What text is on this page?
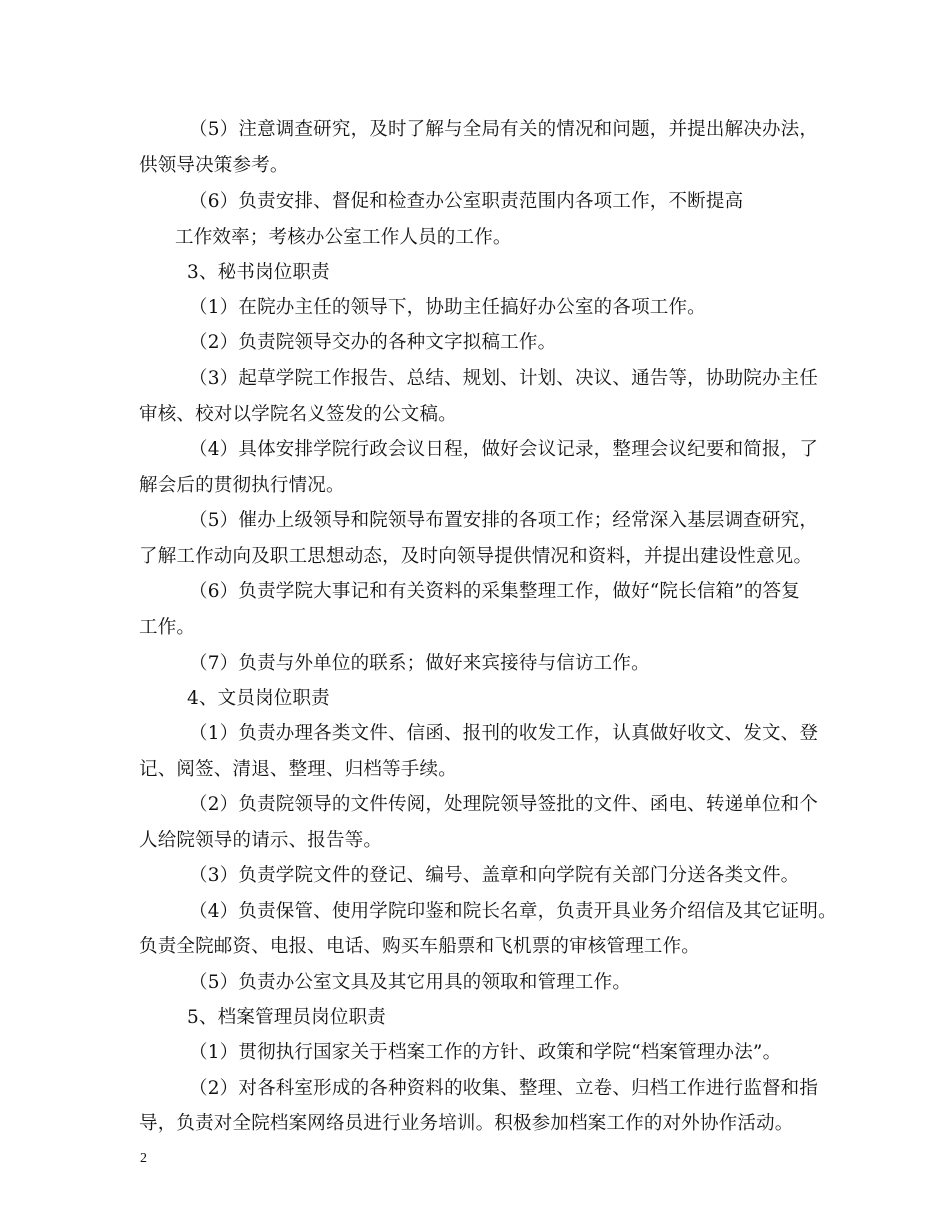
（5）注意调查研究，及时了解与全局有关的情况和问题，并提出解决办法，
供领导决策参考。
（6）负责安排、督促和检查办公室职责范围内各项工作，不断提高
工作效率；考核办公室工作人员的工作。
3、秘书岗位职责
（1）在院办主任的领导下，协助主任搞好办公室的各项工作。
（2）负责院领导交办的各种文字拟稿工作。
（3）起草学院工作报告、总结、规划、计划、决议、通告等，协助院办主任
审核、校对以学院名义签发的公文稿。
（4）具体安排学院行政会议日程，做好会议记录，整理会议纪要和简报，了
解会后的贯彻执行情况。
（5）催办上级领导和院领导布置安排的各项工作；经常深入基层调查研究，
了解工作动向及职工思想动态，及时向领导提供情况和资料，并提出建设性意见。
（6）负责学院大事记和有关资料的采集整理工作，做好“院长信箱”的答复
工作。
（7）负责与外单位的联系；做好来宾接待与信访工作。
4、文员岗位职责
（1）负责办理各类文件、信函、报刊的收发工作，认真做好收文、发文、登
记、阅签、清退、整理、归档等手续。
（2）负责院领导的文件传阅，处理院领导签批的文件、函电、转递单位和个
人给院领导的请示、报告等。
（3）负责学院文件的登记、编号、盖章和向学院有关部门分送各类文件。
（4）负责保管、使用学院印鉴和院长名章，负责开具业务介绍信及其它证明。
负责全院邮资、电报、电话、购买车船票和飞机票的审核管理工作。
（5）负责办公室文具及其它用具的领取和管理工作。
5、档案管理员岗位职责
（1）贯彻执行国家关于档案工作的方针、政策和学院“档案管理办法”。
（2）对各科室形成的各种资料的收集、整理、立卷、归档工作进行监督和指
导，负责对全院档案网络员进行业务培训。积极参加档案工作的对外协作活动。
2
